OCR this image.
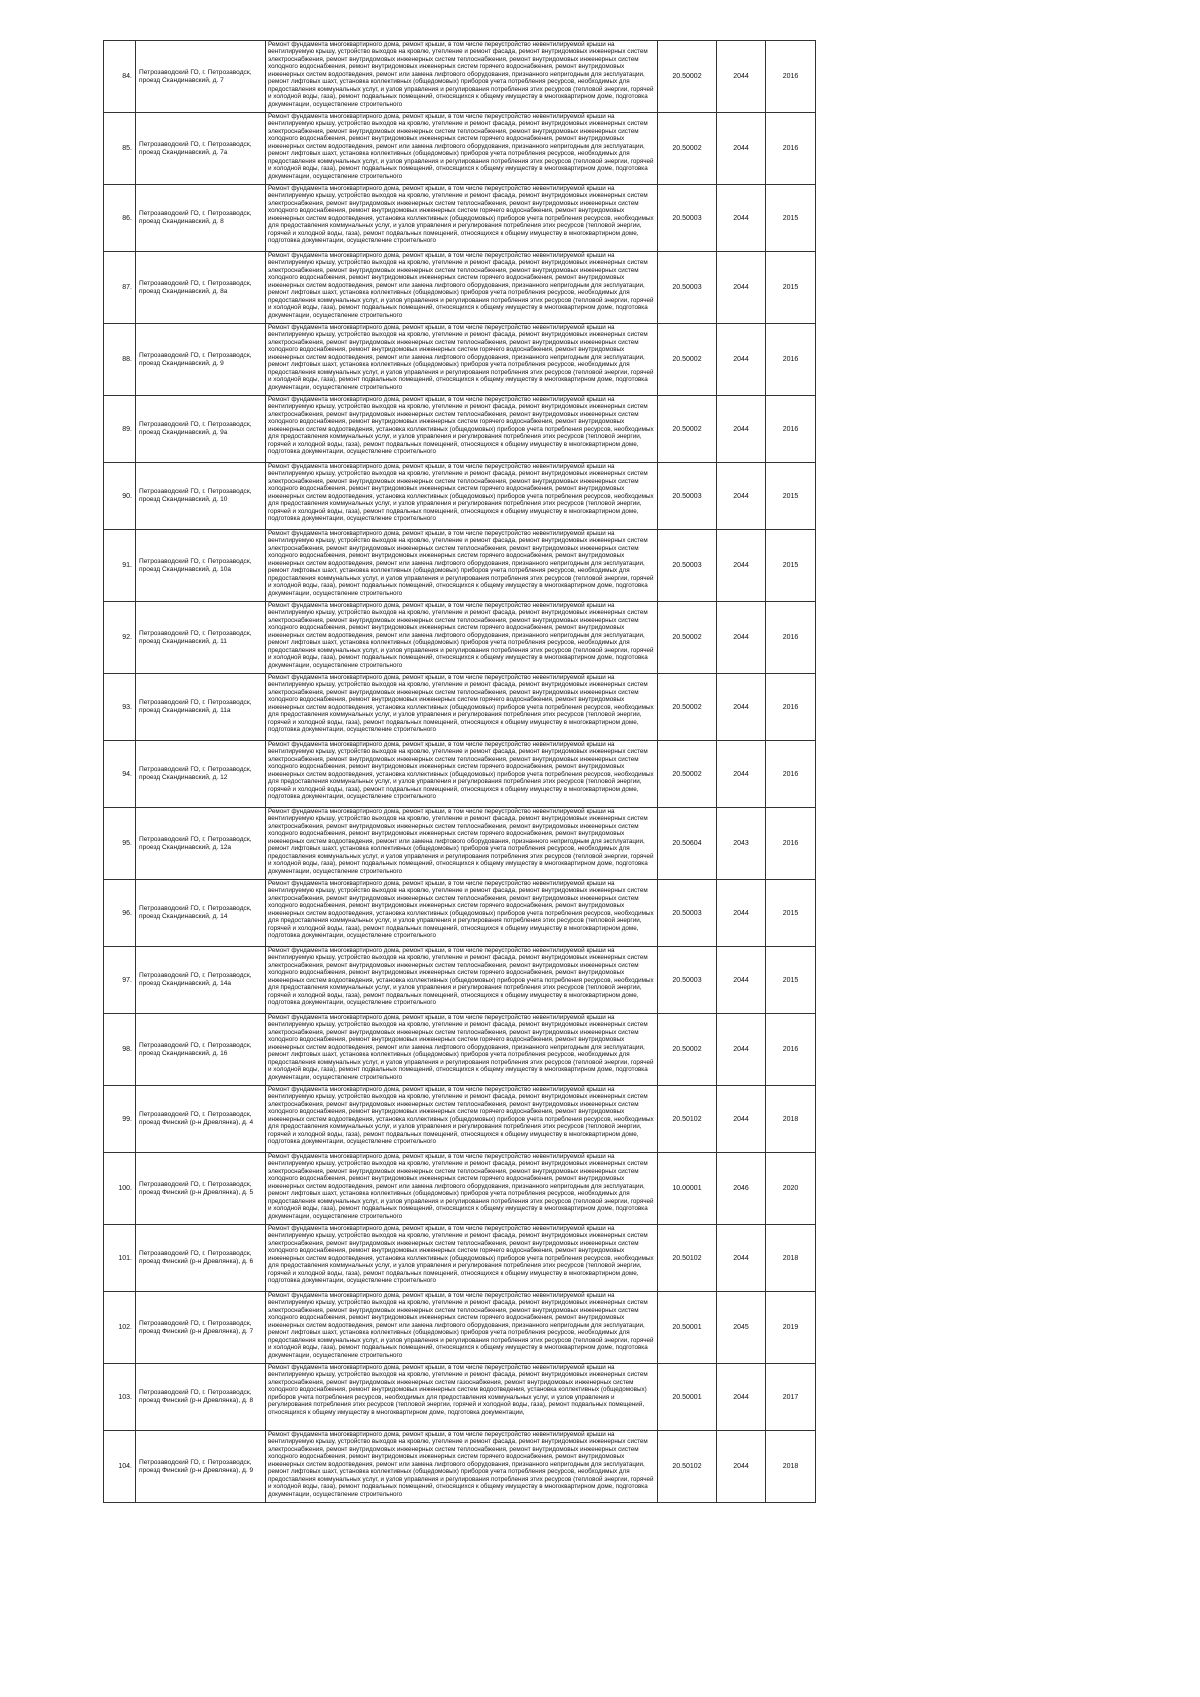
84.	Петрозаводский ГО, г. Петрозаводск, проезд Скандинавский, д. 7	Ремонт фундамента многоквартирного дома, ремонт крыши, в том числе переустройство невентилируемой крыши на вентилируемую крышу, устройство выходов на кровлю, утепление и ремонт фасада, ремонт внутридомовых инженерных систем электроснабжения, ремонт внутридомовых инженерных систем теплоснабжения, ремонт внутридомовых инженерных систем холодного водоснабжения, ремонт внутридомовых инженерных систем горячего водоснабжения, ремонт внутридомовых инженерных систем водоотведения, ремонт или замена лифтового оборудования, признанного непригодным для эксплуатации, ремонт лифтовых шахт, установка коллективных (общедомовых) приборов учета потребления ресурсов, необходимых для предоставления коммунальных услуг, и узлов управления и регулирования потребления этих ресурсов (тепловой энергии, горячей и холодной воды, газа), ремонт подвальных помещений, относящихся к общему имуществу в многоквартирном доме, подготовка документации, осуществление строительного	20.50002	2044	2016
85.	Петрозаводский ГО, г. Петрозаводск, проезд Скандинавский, д. 7а	Ремонт фундамента многоквартирного дома, ремонт крыши, в том числе переустройство невентилируемой крыши на вентилируемую крышу, устройство выходов на кровлю, утепление и ремонт фасада, ремонт внутридомовых инженерных систем электроснабжения, ремонт внутридомовых инженерных систем теплоснабжения, ремонт внутридомовых инженерных систем холодного водоснабжения, ремонт внутридомовых инженерных систем горячего водоснабжения, ремонт внутридомовых инженерных систем водоотведения, ремонт или замена лифтового оборудования, признанного непригодным для эксплуатации, ремонт лифтовых шахт, установка коллективных (общедомовых) приборов учета потребления ресурсов, необходимых для предоставления коммунальных услуг, и узлов управления и регулирования потребления этих ресурсов (тепловой энергии, горячей и холодной воды, газа), ремонт подвальных помещений, относящихся к общему имуществу в многоквартирном доме, подготовка документации, осуществление строительного	20.50002	2044	2016
86.	Петрозаводский ГО, г. Петрозаводск, проезд Скандинавский, д. 8	Ремонт фундамента многоквартирного дома, ремонт крыши, в том числе переустройство невентилируемой крыши на вентилируемую крышу, устройство выходов на кровлю, утепление и ремонт фасада, ремонт внутридомовых инженерных систем электроснабжения, ремонт внутридомовых инженерных систем теплоснабжения, ремонт внутридомовых инженерных систем холодного водоснабжения, ремонт внутридомовых инженерных систем горячего водоснабжения, ремонт внутридомовых инженерных систем водоотведения, установка коллективных (общедомовых) приборов учета потребления ресурсов, необходимых для предоставления коммунальных услуг, и узлов управления и регулирования потребления этих ресурсов (тепловой энергии, горячей и холодной воды, газа), ремонт подвальных помещений, относящихся к общему имуществу в многоквартирном доме, подготовка документации, осуществление строительного	20.50003	2044	2015
87.	Петрозаводский ГО, г. Петрозаводск, проезд Скандинавский, д. 8а	Ремонт фундамента многоквартирного дома, ремонт крыши, в том числе переустройство невентилируемой крыши на вентилируемую крышу, устройство выходов на кровлю, утепление и ремонт фасада, ремонт внутридомовых инженерных систем электроснабжения, ремонт внутридомовых инженерных систем теплоснабжения, ремонт внутридомовых инженерных систем холодного водоснабжения, ремонт внутридомовых инженерных систем горячего водоснабжения, ремонт внутридомовых инженерных систем водоотведения, ремонт или замена лифтового оборудования, признанного непригодным для эксплуатации, ремонт лифтовых шахт, установка коллективных (общедомовых) приборов учета потребления ресурсов, необходимых для предоставления коммунальных услуг, и узлов управления и регулирования потребления этих ресурсов (тепловой энергии, горячей и холодной воды, газа), ремонт подвальных помещений, относящихся к общему имуществу в многоквартирном доме, подготовка документации, осуществление строительного	20.50003	2044	2015
88.	Петрозаводский ГО, г. Петрозаводск, проезд Скандинавский, д. 9	Ремонт фундамента многоквартирного дома, ремонт крыши, в том числе переустройство невентилируемой крыши на вентилируемую крышу, устройство выходов на кровлю, утепление и ремонт фасада, ремонт внутридомовых инженерных систем электроснабжения, ремонт внутридомовых инженерных систем теплоснабжения, ремонт внутридомовых инженерных систем холодного водоснабжения, ремонт внутридомовых инженерных систем горячего водоснабжения, ремонт внутридомовых инженерных систем водоотведения, ремонт или замена лифтового оборудования, признанного непригодным для эксплуатации, ремонт лифтовых шахт, установка коллективных (общедомовых) приборов учета потребления ресурсов, необходимых для предоставления коммунальных услуг, и узлов управления и регулирования потребления этих ресурсов (тепловой энергии, горячей и холодной воды, газа), ремонт подвальных помещений, относящихся к общему имуществу в многоквартирном доме, подготовка документации, осуществление строительного	20.50002	2044	2016
89.	Петрозаводский ГО, г. Петрозаводск, проезд Скандинавский, д. 9а	Ремонт фундамента многоквартирного дома, ремонт крыши, в том числе переустройство невентилируемой крыши на вентилируемую крышу, устройство выходов на кровлю, утепление и ремонт фасада, ремонт внутридомовых инженерных систем электроснабжения, ремонт внутридомовых инженерных систем теплоснабжения, ремонт внутридомовых инженерных систем холодного водоснабжения, ремонт внутридомовых инженерных систем горячего водоснабжения, ремонт внутридомовых инженерных систем водоотведения, установка коллективных (общедомовых) приборов учета потребления ресурсов, необходимых для предоставления коммунальных услуг, и узлов управления и регулирования потребления этих ресурсов (тепловой энергии, горячей и холодной воды, газа), ремонт подвальных помещений, относящихся к общему имуществу в многоквартирном доме, подготовка документации, осуществление строительного	20.50002	2044	2016
90.	Петрозаводский ГО, г. Петрозаводск, проезд Скандинавский, д. 10	Ремонт фундамента многоквартирного дома, ремонт крыши, в том числе переустройство невентилируемой крыши на вентилируемую крышу, устройство выходов на кровлю, утепление и ремонт фасада, ремонт внутридомовых инженерных систем электроснабжения, ремонт внутридомовых инженерных систем теплоснабжения, ремонт внутридомовых инженерных систем холодного водоснабжения, ремонт внутридомовых инженерных систем горячего водоснабжения, ремонт внутридомовых инженерных систем водоотведения, установка коллективных (общедомовых) приборов учета потребления ресурсов, необходимых для предоставления коммунальных услуг, и узлов управления и регулирования потребления этих ресурсов (тепловой энергии, горячей и холодной воды, газа), ремонт подвальных помещений, относящихся к общему имуществу в многоквартирном доме, подготовка документации, осуществление строительного	20.50003	2044	2015
91.	Петрозаводский ГО, г. Петрозаводск, проезд Скандинавский, д. 10а	Ремонт фундамента многоквартирного дома, ремонт крыши, в том числе переустройство невентилируемой крыши на вентилируемую крышу, устройство выходов на кровлю, утепление и ремонт фасада, ремонт внутридомовых инженерных систем электроснабжения, ремонт внутридомовых инженерных систем теплоснабжения, ремонт внутридомовых инженерных систем холодного водоснабжения, ремонт внутридомовых инженерных систем горячего водоснабжения, ремонт внутридомовых инженерных систем водоотведения, ремонт или замена лифтового оборудования, признанного непригодным для эксплуатации, ремонт лифтовых шахт, установка коллективных (общедомовых) приборов учета потребления ресурсов, необходимых для предоставления коммунальных услуг, и узлов управления и регулирования потребления этих ресурсов (тепловой энергии, горячей и холодной воды, газа), ремонт подвальных помещений, относящихся к общему имуществу в многоквартирном доме, подготовка документации, осуществление строительного	20.50003	2044	2015
92.	Петрозаводский ГО, г. Петрозаводск, проезд Скандинавский, д. 11	Ремонт фундамента многоквартирного дома, ремонт крыши, в том числе переустройство невентилируемой крыши на вентилируемую крышу, устройство выходов на кровлю, утепление и ремонт фасада, ремонт внутридомовых инженерных систем электроснабжения, ремонт внутридомовых инженерных систем теплоснабжения, ремонт внутридомовых инженерных систем холодного водоснабжения, ремонт внутридомовых инженерных систем горячего водоснабжения, ремонт внутридомовых инженерных систем водоотведения, ремонт или замена лифтового оборудования, признанного непригодным для эксплуатации, ремонт лифтовых шахт, установка коллективных (общедомовых) приборов учета потребления ресурсов, необходимых для предоставления коммунальных услуг, и узлов управления и регулирования потребления этих ресурсов (тепловой энергии, горячей и холодной воды, газа), ремонт подвальных помещений, относящихся к общему имуществу в многоквартирном доме, подготовка документации, осуществление строительного	20.50002	2044	2016
93.	Петрозаводский ГО, г. Петрозаводск, проезд Скандинавский, д. 11а	Ремонт фундамента многоквартирного дома, ремонт крыши, в том числе переустройство невентилируемой крыши на вентилируемую крышу, устройство выходов на кровлю, утепление и ремонт фасада, ремонт внутридомовых инженерных систем электроснабжения, ремонт внутридомовых инженерных систем теплоснабжения, ремонт внутридомовых инженерных систем холодного водоснабжения, ремонт внутридомовых инженерных систем горячего водоснабжения, ремонт внутридомовых инженерных систем водоотведения, установка коллективных (общедомовых) приборов учета потребления ресурсов, необходимых для предоставления коммунальных услуг, и узлов управления и регулирования потребления этих ресурсов (тепловой энергии, горячей и холодной воды, газа), ремонт подвальных помещений, относящихся к общему имуществу в многоквартирном доме, подготовка документации, осуществление строительного	20.50002	2044	2016
94.	Петрозаводский ГО, г. Петрозаводск, проезд Скандинавский, д. 12	Ремонт фундамента многоквартирного дома, ремонт крыши, в том числе переустройство невентилируемой крыши на вентилируемую крышу, устройство выходов на кровлю, утепление и ремонт фасада, ремонт внутридомовых инженерных систем электроснабжения, ремонт внутридомовых инженерных систем теплоснабжения, ремонт внутридомовых инженерных систем холодного водоснабжения, ремонт внутридомовых инженерных систем горячего водоснабжения, ремонт внутридомовых инженерных систем водоотведения, установка коллективных (общедомовых) приборов учета потребления ресурсов, необходимых для предоставления коммунальных услуг, и узлов управления и регулирования потребления этих ресурсов (тепловой энергии, горячей и холодной воды, газа), ремонт подвальных помещений, относящихся к общему имуществу в многоквартирном доме, подготовка документации, осуществление строительного	20.50002	2044	2016
95.	Петрозаводский ГО, г. Петрозаводск, проезд Скандинавский, д. 12а	Ремонт фундамента многоквартирного дома, ремонт крыши, в том числе переустройство невентилируемой крыши на вентилируемую крышу, устройство выходов на кровлю, утепление и ремонт фасада, ремонт внутридомовых инженерных систем электроснабжения, ремонт внутридомовых инженерных систем теплоснабжения, ремонт внутридомовых инженерных систем холодного водоснабжения, ремонт внутридомовых инженерных систем горячего водоснабжения, ремонт внутридомовых инженерных систем водоотведения, ремонт или замена лифтового оборудования, признанного непригодным для эксплуатации, ремонт лифтовых шахт, установка коллективных (общедомовых) приборов учета потребления ресурсов, необходимых для предоставления коммунальных услуг, и узлов управления и регулирования потребления этих ресурсов (тепловой энергии, горячей и холодной воды, газа), ремонт подвальных помещений, относящихся к общему имуществу в многоквартирном доме, подготовка документации, осуществление строительного	20.50604	2043	2016
96.	Петрозаводский ГО, г. Петрозаводск, проезд Скандинавский, д. 14	Ремонт фундамента многоквартирного дома, ремонт крыши, в том числе переустройство невентилируемой крыши на вентилируемую крышу, устройство выходов на кровлю, утепление и ремонт фасада, ремонт внутридомовых инженерных систем электроснабжения, ремонт внутридомовых инженерных систем теплоснабжения, ремонт внутридомовых инженерных систем холодного водоснабжения, ремонт внутридомовых инженерных систем горячего водоснабжения, ремонт внутридомовых инженерных систем водоотведения, установка коллективных (общедомовых) приборов учета потребления ресурсов, необходимых для предоставления коммунальных услуг, и узлов управления и регулирования потребления этих ресурсов (тепловой энергии, горячей и холодной воды, газа), ремонт подвальных помещений, относящихся к общему имуществу в многоквартирном доме, подготовка документации, осуществление строительного	20.50003	2044	2015
97.	Петрозаводский ГО, г. Петрозаводск, проезд Скандинавский, д. 14а	Ремонт фундамента многоквартирного дома, ремонт крыши, в том числе переустройство невентилируемой крыши на вентилируемую крышу, устройство выходов на кровлю, утепление и ремонт фасада, ремонт внутридомовых инженерных систем электроснабжения, ремонт внутридомовых инженерных систем теплоснабжения, ремонт внутридомовых инженерных систем холодного водоснабжения, ремонт внутридомовых инженерных систем горячего водоснабжения, ремонт внутридомовых инженерных систем водоотведения, установка коллективных (общедомовых) приборов учета потребления ресурсов, необходимых для предоставления коммунальных услуг, и узлов управления и регулирования потребления этих ресурсов (тепловой энергии, горячей и холодной воды, газа), ремонт подвальных помещений, относящихся к общему имуществу в многоквартирном доме, подготовка документации, осуществление строительного	20.50003	2044	2015
98.	Петрозаводский ГО, г. Петрозаводск, проезд Скандинавский, д. 16	Ремонт фундамента многоквартирного дома, ремонт крыши, в том числе переустройство невентилируемой крыши на вентилируемую крышу, устройство выходов на кровлю, утепление и ремонт фасада, ремонт внутридомовых инженерных систем электроснабжения, ремонт внутридомовых инженерных систем теплоснабжения, ремонт внутридомовых инженерных систем холодного водоснабжения, ремонт внутридомовых инженерных систем горячего водоснабжения, ремонт внутридомовых инженерных систем водоотведения, ремонт или замена лифтового оборудования, признанного непригодным для эксплуатации, ремонт лифтовых шахт, установка коллективных (общедомовых) приборов учета потребления ресурсов, необходимых для предоставления коммунальных услуг, и узлов управления и регулирования потребления этих ресурсов (тепловой энергии, горячей и холодной воды, газа), ремонт подвальных помещений, относящихся к общему имуществу в многоквартирном доме, подготовка документации, осуществление строительного	20.50002	2044	2016
99.	Петрозаводский ГО, г. Петрозаводск, проезд Финский (р-н Древлянка), д. 4	Ремонт фундамента многоквартирного дома, ремонт крыши, в том числе переустройство невентилируемой крыши на вентилируемую крышу, устройство выходов на кровлю, утепление и ремонт фасада, ремонт внутридомовых инженерных систем электроснабжения, ремонт внутридомовых инженерных систем теплоснабжения, ремонт внутридомовых инженерных систем холодного водоснабжения, ремонт внутридомовых инженерных систем горячего водоснабжения, ремонт внутридомовых инженерных систем водоотведения, установка коллективных (общедомовых) приборов учета потребления ресурсов, необходимых для предоставления коммунальных услуг, и узлов управления и регулирования потребления этих ресурсов (тепловой энергии, горячей и холодной воды, газа), ремонт подвальных помещений, относящихся к общему имуществу в многоквартирном доме, подготовка документации, осуществление строительного	20.50102	2044	2018
100.	Петрозаводский ГО, г. Петрозаводск, проезд Финский (р-н Древлянка), д. 5	Ремонт фундамента многоквартирного дома, ремонт крыши, в том числе переустройство невентилируемой крыши на вентилируемую крышу, устройство выходов на кровлю, утепление и ремонт фасада, ремонт внутридомовых инженерных систем электроснабжения, ремонт внутридомовых инженерных систем теплоснабжения, ремонт внутридомовых инженерных систем холодного водоснабжения, ремонт внутридомовых инженерных систем горячего водоснабжения, ремонт внутридомовых инженерных систем водоотведения, ремонт или замена лифтового оборудования, признанного непригодным для эксплуатации, ремонт лифтовых шахт, установка коллективных (общедомовых) приборов учета потребления ресурсов, необходимых для предоставления коммунальных услуг, и узлов управления и регулирования потребления этих ресурсов (тепловой энергии, горячей и холодной воды, газа), ремонт подвальных помещений, относящихся к общему имуществу в многоквартирном доме, подготовка документации, осуществление строительного	10.00001	2046	2020
101.	Петрозаводский ГО, г. Петрозаводск, проезд Финский (р-н Древлянка), д. 6	Ремонт фундамента многоквартирного дома, ремонт крыши, в том числе переустройство невентилируемой крыши на вентилируемую крышу, устройство выходов на кровлю, утепление и ремонт фасада, ремонт внутридомовых инженерных систем электроснабжения, ремонт внутридомовых инженерных систем теплоснабжения, ремонт внутридомовых инженерных систем холодного водоснабжения, ремонт внутридомовых инженерных систем горячего водоснабжения, ремонт внутридомовых инженерных систем водоотведения, установка коллективных (общедомовых) приборов учета потребления ресурсов, необходимых для предоставления коммунальных услуг, и узлов управления и регулирования потребления этих ресурсов (тепловой энергии, горячей и холодной воды, газа), ремонт подвальных помещений, относящихся к общему имуществу в многоквартирном доме, подготовка документации, осуществление строительного	20.50102	2044	2018
102.	Петрозаводский ГО, г. Петрозаводск, проезд Финский (р-н Древлянка), д. 7	Ремонт фундамента многоквартирного дома, ремонт крыши, в том числе переустройство невентилируемой крыши на вентилируемую крышу, устройство выходов на кровлю, утепление и ремонт фасада, ремонт внутридомовых инженерных систем электроснабжения, ремонт внутридомовых инженерных систем теплоснабжения, ремонт внутридомовых инженерных систем холодного водоснабжения, ремонт внутридомовых инженерных систем горячего водоснабжения, ремонт внутридомовых инженерных систем водоотведения, ремонт или замена лифтового оборудования, признанного непригодным для эксплуатации, ремонт лифтовых шахт, установка коллективных (общедомовых) приборов учета потребления ресурсов, необходимых для предоставления коммунальных услуг, и узлов управления и регулирования потребления этих ресурсов (тепловой энергии, горячей и холодной воды, газа), ремонт подвальных помещений, относящихся к общему имуществу в многоквартирном доме, подготовка документации, осуществление строительного	20.50001	2045	2019
103.	Петрозаводский ГО, г. Петрозаводск, проезд Финский (р-н Древлянка), д. 8	Ремонт фундамента многоквартирного дома, ремонт крыши, в том числе переустройство невентилируемой крыши на вентилируемую крышу, устройство выходов на кровлю, утепление и ремонт фасада, ремонт внутридомовых инженерных систем электроснабжения, ремонт внутридомовых инженерных систем газоснабжения, ремонт внутридомовых инженерных систем холодного водоснабжения, ремонт внутридомовых инженерных систем водоотведения, установка коллективных (общедомовых) приборов учета потребления ресурсов, необходимых для предоставления коммунальных услуг, и узлов управления и регулирования потребления этих ресурсов (тепловой энергии, горячей и холодной воды, газа), ремонт подвальных помещений, относящихся к общему имуществу в многоквартирном доме, подготовка документации,	20.50001	2044	2017
104.	Петрозаводский ГО, г. Петрозаводск, проезд Финский (р-н Древлянка), д. 9	Ремонт фундамента многоквартирного дома, ремонт крыши, в том числе переустройство невентилируемой крыши на вентилируемую крышу, устройство выходов на кровлю, утепление и ремонт фасада, ремонт внутридомовых инженерных систем электроснабжения, ремонт внутридомовых инженерных систем теплоснабжения, ремонт внутридомовых инженерных систем холодного водоснабжения, ремонт внутридомовых инженерных систем горячего водоснабжения, ремонт внутридомовых инженерных систем водоотведения, ремонт или замена лифтового оборудования, признанного непригодным для эксплуатации, ремонт лифтовых шахт, установка коллективных (общедомовых) приборов учета потребления ресурсов, необходимых для предоставления коммунальных услуг, и узлов управления и регулирования потребления этих ресурсов (тепловой энергии, горячей и холодной воды, газа), ремонт подвальных помещений, относящихся к общему имуществу в многоквартирном доме, подготовка документации, осуществление строительного	20.50102	2044	2018
